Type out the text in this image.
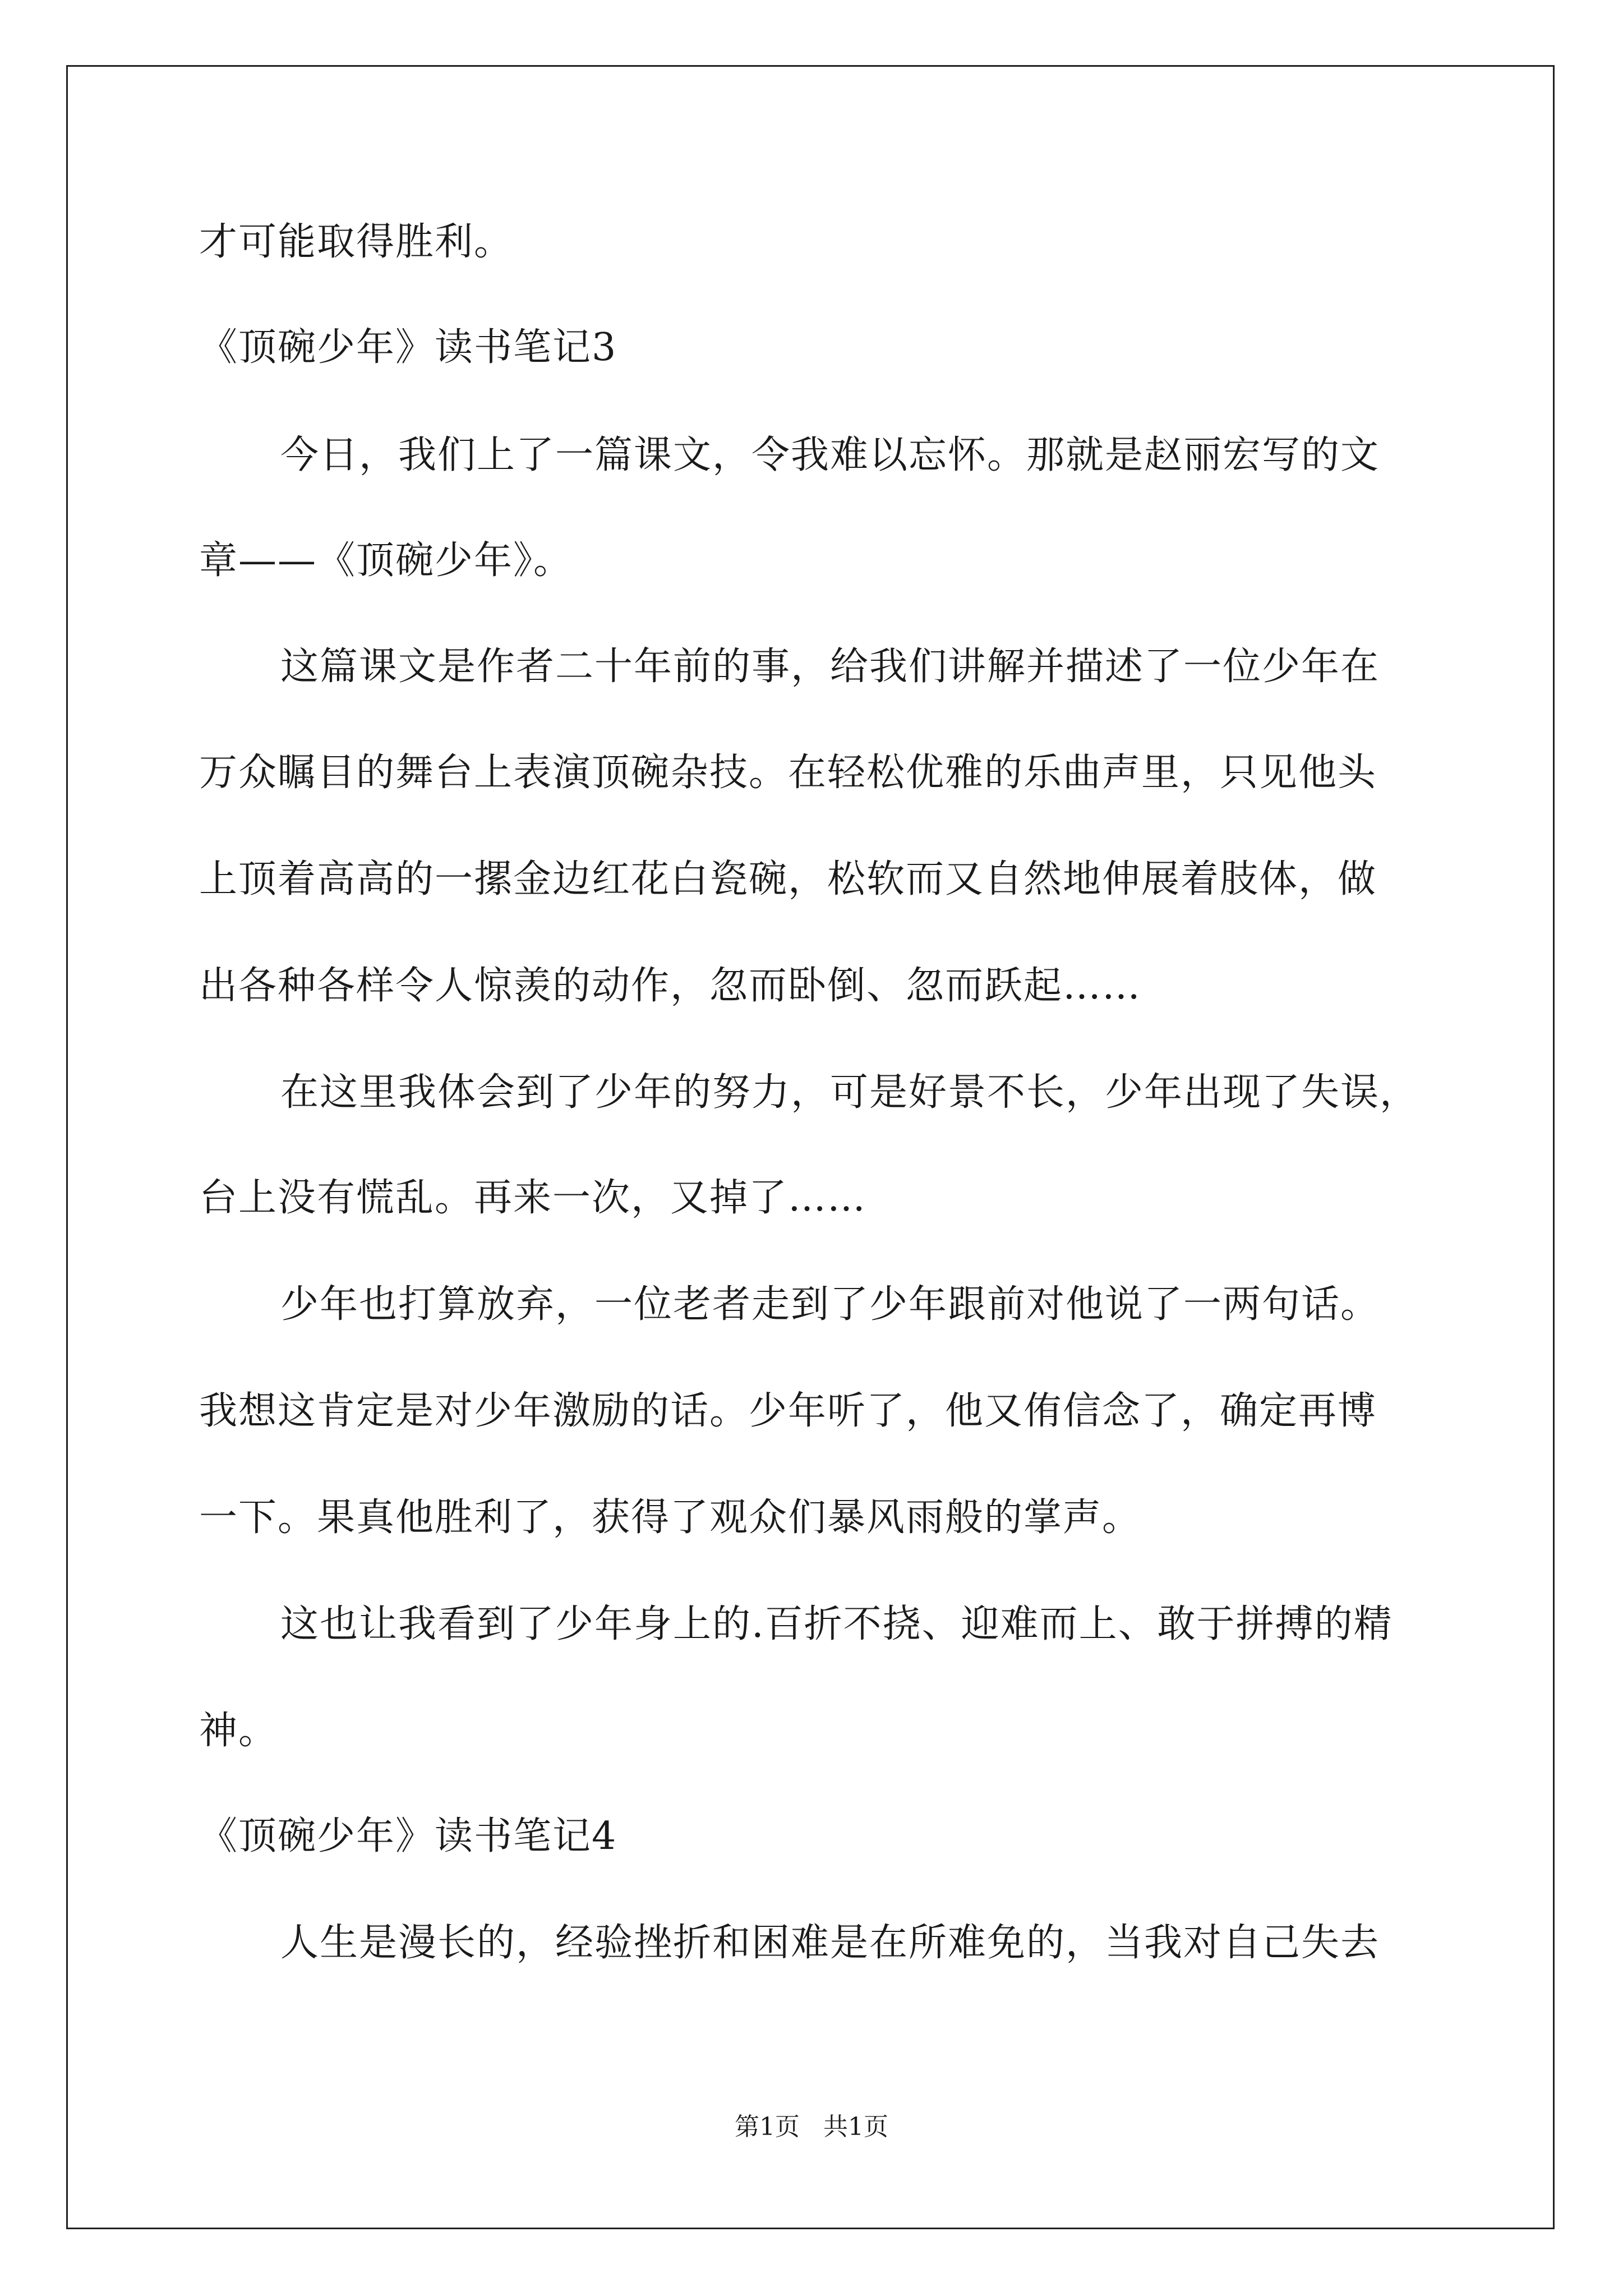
才可能取得胜利。
《顶碗少年》读书笔记3
今日，我们上了一篇课文，令我难以忘怀。那就是赵丽宏写的文
章——《顶碗少年》。
这篇课文是作者二十年前的事，给我们讲解并描述了一位少年在
万众瞩目的舞台上表演顶碗杂技。在轻松优雅的乐曲声里，只见他头
上顶着高高的一摞金边红花白瓷碗，松软而又自然地伸展着肢体，做
出各种各样令人惊羡的动作，忽而卧倒、忽而跃起……
在这里我体会到了少年的努力，可是好景不长，少年出现了失误，
台上没有慌乱。再来一次，又掉了……
少年也打算放弃，一位老者走到了少年跟前对他说了一两句话。
我想这肯定是对少年激励的话。少年听了，他又侑信念了，确定再博
一下。果真他胜利了，获得了观众们暴风雨般的掌声。
这也让我看到了少年身上的.百折不挠、迎难而上、敢于拼搏的精
神。
《顶碗少年》读书笔记4
人生是漫长的，经验挫折和困难是在所难免的，当我对自己失去
第1页   共1页
